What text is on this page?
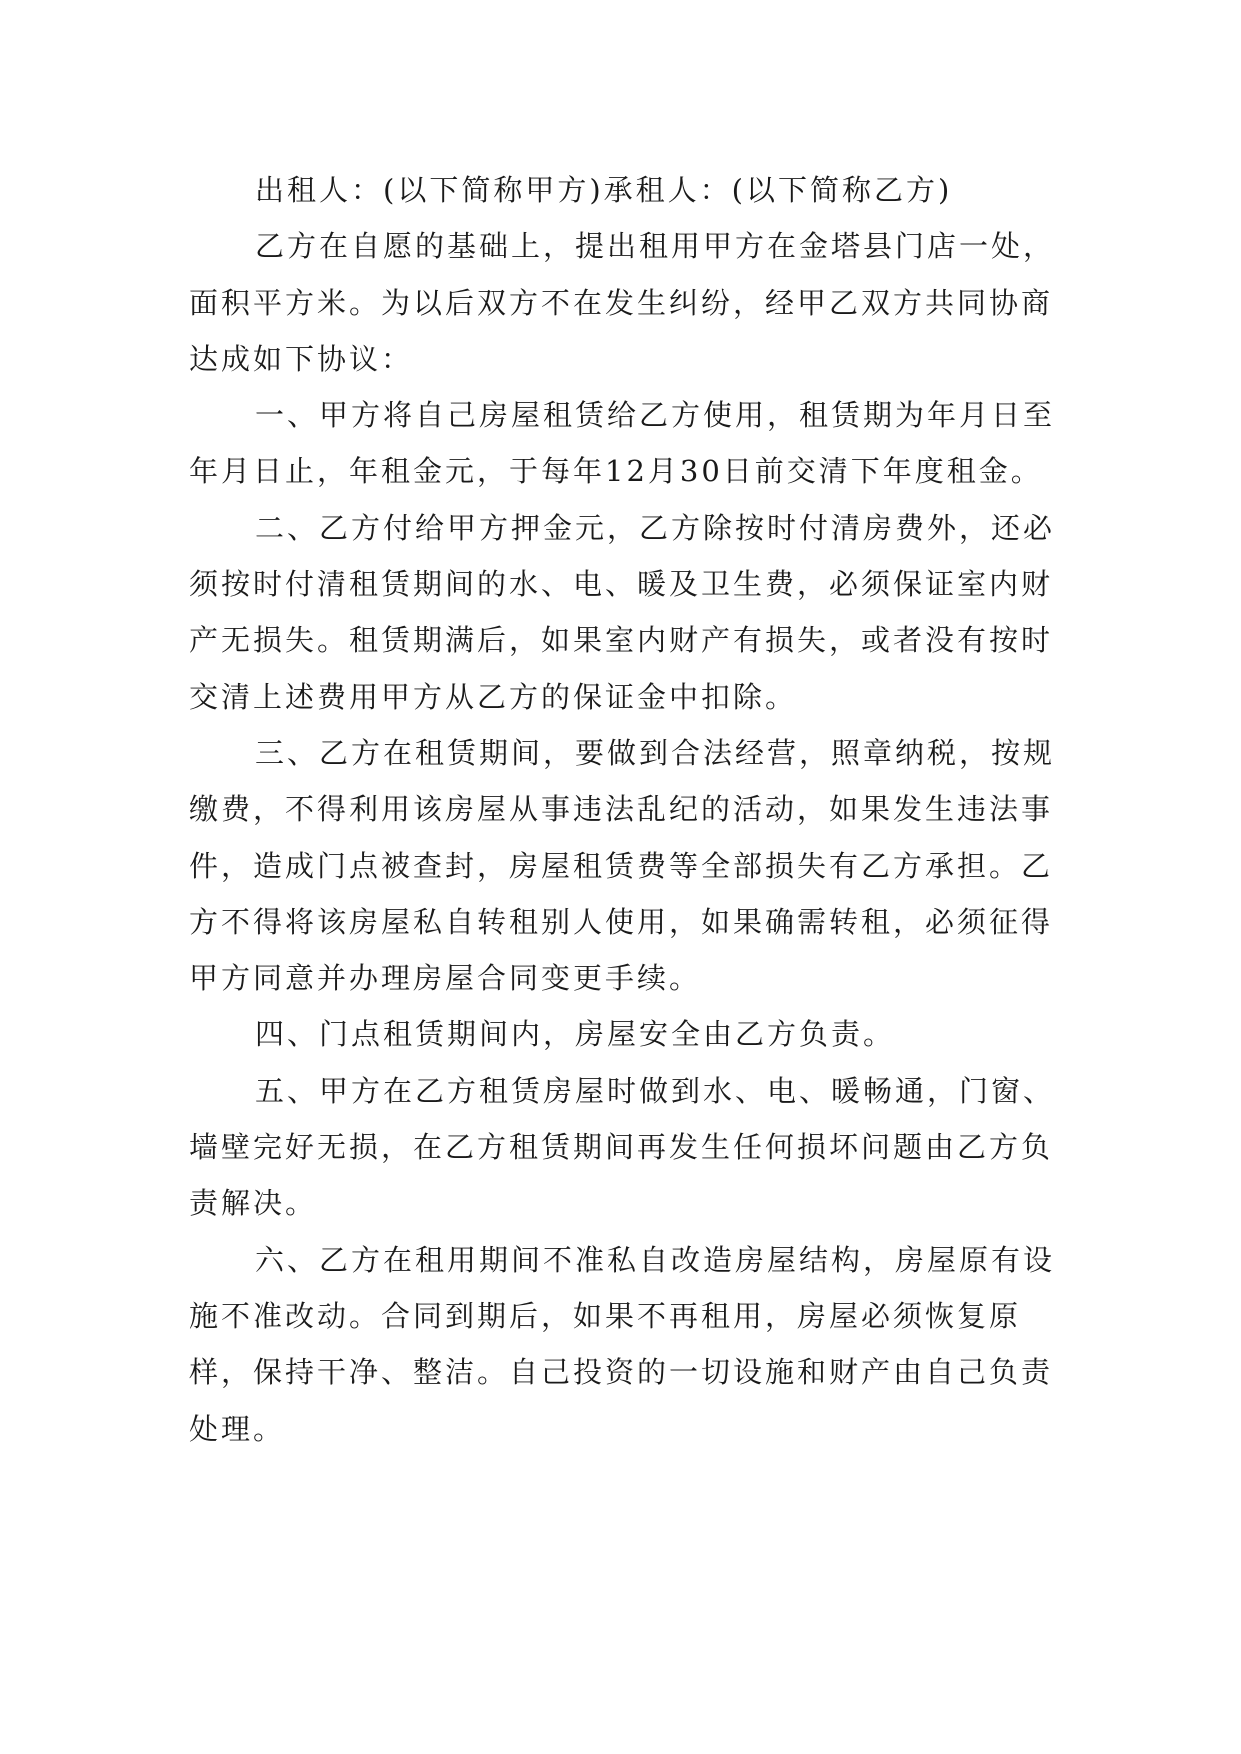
出租人：(以下简称甲方)承租人：(以下简称乙方)

乙方在自愿的基础上，提出租用甲方在金塔县门店一处，面积平方米。为以后双方不在发生纠纷，经甲乙双方共同协商达成如下协议：

一、甲方将自己房屋租赁给乙方使用，租赁期为年月日至年月日止，年租金元，于每年12月30日前交清下年度租金。

二、乙方付给甲方押金元，乙方除按时付清房费外，还必须按时付清租赁期间的水、电、暖及卫生费，必须保证室内财产无损失。租赁期满后，如果室内财产有损失，或者没有按时交清上述费用甲方从乙方的保证金中扣除。

三、乙方在租赁期间，要做到合法经营，照章纳税，按规缴费，不得利用该房屋从事违法乱纪的活动，如果发生违法事件，造成门点被查封，房屋租赁费等全部损失有乙方承担。乙方不得将该房屋私自转租别人使用，如果确需转租，必须征得甲方同意并办理房屋合同变更手续。

四、门点租赁期间内，房屋安全由乙方负责。

五、甲方在乙方租赁房屋时做到水、电、暖畅通，门窗、墙壁完好无损，在乙方租赁期间再发生任何损坏问题由乙方负责解决。

六、乙方在租用期间不准私自改造房屋结构，房屋原有设施不准改动。合同到期后，如果不再租用，房屋必须恢复原样，保持干净、整洁。自己投资的一切设施和财产由自己负责处理。
